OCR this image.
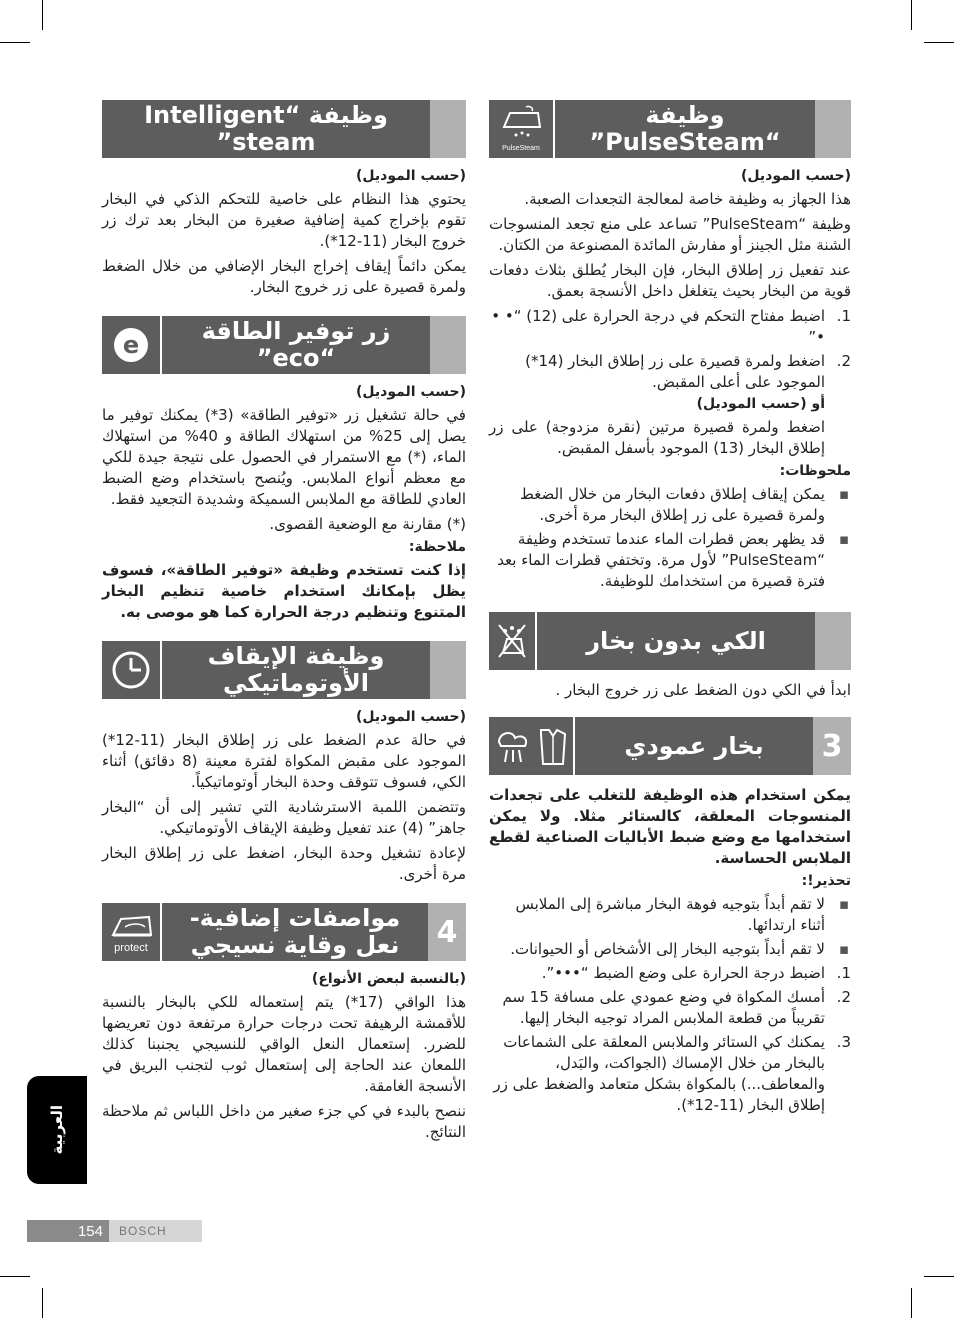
PulseSteam
وظيفة “PulseSteam”
(حسب الموديل)

هذا الجهاز به وظيفة خاصة لمعالجة التجعدات الصعبة.

وظيفة “PulseSteam” تساعد على منع تجعد المنسوجات الشنة مثل الجينز أو مفارش المائدة المصنوعة من الكتان.

عند تفعيل زر إطلاق البخار، فإن البخار يُطلق بثلاث دفعات قوية من البخار بحيث يتغلغل داخل الأنسجة بعمق.

1.
اضبط مفتاح التحكم في درجة الحرارة على (12) “• • •”
2.
اضغط ولمرة قصيرة على زر إطلاق البخار (14*) الموجود على أعلى المقبض.
أو (حسب الموديل)

اضغط ولمرة قصيرة مرتين (نقرة مزدوجة) على زر إطلاق البخار (13) الموجود بأسفل المقبض.

ملحوظات:
▪
يمكن إيقاف إطلاق دفعات البخار من خلال الضغط ولمرة قصيرة على زر إطلاق البخار مرة أخرى.
▪
قد يظهر بعض قطرات الماء عندما تستخدم وظيفة “PulseSteam” لأول مرة. وتختفي قطرات الماء بعد فترة قصيرة من استخدامك للوظيفة.
الكي بدون بخار

ابدأ في الكي دون الضغط على زر خروج البخار .

بخار عمودي	3

يمكن استخدام هذه الوظيفة للتغلب على تجعدات المنسوجات المعلقة، كالستائر مثلا. ولا يمكن استخدامها مع وضع ضبط الأباليات الصناعية لقطع الملابس الحساسة.

تحذير!:
▪
لا تقم أبداً بتوجيه فوهة البخار مباشرة إلى الملابس أثناء ارتدائها.
▪
لا تقم أبداً بتوجيه البخار إلى الأشخاص أو الحيوانات.
1.
اضبط درجة الحرارة على وضع الضبط “•••”.
2.
أمسك المكواة في وضع عمودي على مسافة 15 سم تقريباً من قطعة الملابس المراد توجيه البخار إليها.
3.
يمكنك كي الستائر والملابس المعلقة على الشماعات بالبخار من خلال الإمساك (الجواكت، والبَدل، والمعاطف...) بالمكواة بشكل متعامد والضغط على زر إطلاق البخار (11-12*).
وظيفة “Intelligent steam”
(حسب الموديل)

يحتوي هذا النظام على خاصية للتحكم الذكي في البخار تقوم بإخراج كمية إضافية صغيرة من البخار بعد ترك زر خروج البخار (11-12*).

يمكن دائماً إيقاف إخراج البخار الإضافي من خلال الضغط ولمرة قصيرة على زر خروج البخار.

e	زر توفير الطاقة “eco”
(حسب الموديل)

في حالة تشغيل زر «توفير الطاقة» (3*) يمكنك توفير ما يصل إلى 25% من استهلاك الطاقة و 40% من استهلاك الماء، (*) مع الاستمرار في الحصول على نتيجة جيدة للكي مع معظم أنواع الملابس. ويُنصح باستخدام وضع الضبط العادي للطاقة مع الملابس السميكة وشديدة التجعيد فقط.

(*) مقارنة مع الوضعية القصوى.

ملاحظة:

إذا كنت تستخدم وظيفة «توفير الطاقة»، فسوف يظل بإمكانك استخدام خاصية تنظيم البخار المتنوع وتنظيم درجة الحرارة كما هو موصى به.

وظيفة الإيقاف الأوتوماتيكي
(حسب الموديل)

في حالة عدم الضغط على زر إطلاق البخار (11-12*) الموجود على مقبض المكواة لفترة معينة (8 دقائق) أثناء الكي، فسوف تتوقف وحدة البخار أوتوماتيكياً.

وتتضمن اللمبة الاسترشادية التي تشير إلى أن “البخار جاهز” (4) عند تفعيل وظيفة الإيقاف الأوتوماتيكي.

لإعادة تشغيل وحدة البخار، اضغط على زر إطلاق البخار مرة أخرى.

protect
مواصفات إضافية- نعل وقاية نسيجي	4
(بالنسبة لبعض الأنواع)

هذا الواقي (17*) يتم إستعماله للكي بالبخار بالنسبة للأقمشة الرهيفة تحت درجات حرارة مرتفعة دون تعريضها للضرر. إستعمال النعل الواقي للنسيجي يجنبنا كذلك اللمعان عند الحاجة إلى إستعمال ثوب لتجنب البريق في الأنسجة الغامقة.

ننصح بالبدء في كي جزء صغير من داخل اللباس ثم ملاحظة النتائج.

العربية
154	BOSCH
